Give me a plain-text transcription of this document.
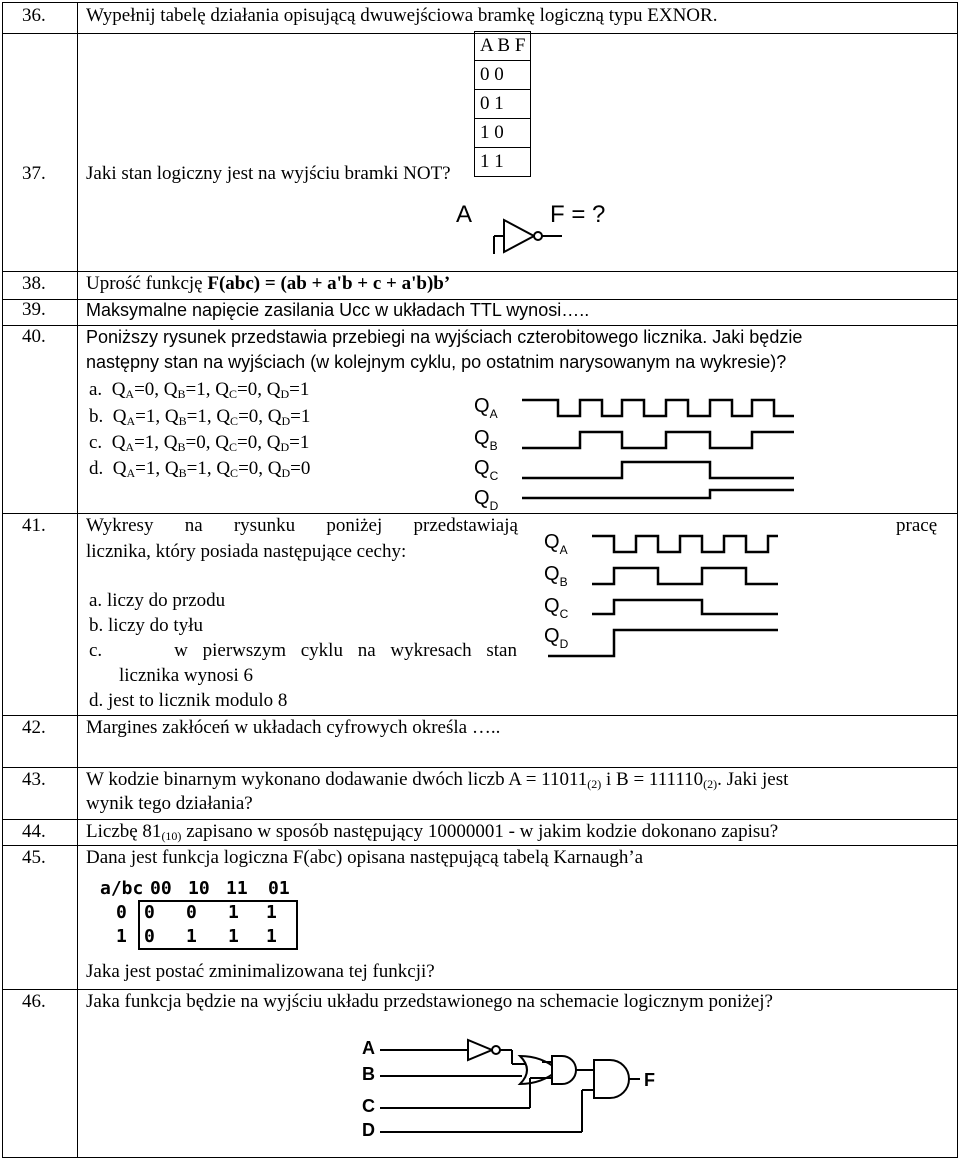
36. Wypełnij tabelę działania opisującą dwuwejściowa bramkę logiczną typu EXNOR.
A B F
0 0
0 1
1 0
1 1
37. Jaki stan logiczny jest na wyjściu bramki NOT?
A	F = ?
38. Uprość funkcję F(abc) = (ab + a'b + c + a'b)b’
39. Maksymalne napięcie zasilania Ucc w układach TTL wynosi…..
40. Poniższy rysunek przedstawia przebiegi na wyjściach czterobitowego licznika. Jaki będzie
następny stan na wyjściach (w kolejnym cyklu, po ostatnim narysowanym na wykresie)?
a. $Q_A=0$, $Q_B=1$, $Q_C=0$, $Q_D=1$
b. $Q_A=1$, $Q_B=1$, $Q_C=0$, $Q_D=1$
c. $Q_A=1$, $Q_B=0$, $Q_C=0$, $Q_D=1$
d. $Q_A=1$, $Q_B=1$, $Q_C=0$, $Q_D=0$
$Q_A$
$Q_B$
$Q_C$
$Q_D$
41. Wykresy na rysunku poniżej przedstawiają	pracę
licznika, który posiada następujące cechy:
a. liczy do przodu
b. liczy do tyłu
c.	w pierwszym cyklu na wykresach stan
licznika wynosi 6
d. jest to licznik modulo 8
$Q_A$
$Q_B$
$Q_C$
$Q_D$
42. Margines zakłóceń w układach cyfrowych określa …..
43. W kodzie binarnym wykonano dodawanie dwóch liczb $A = 11011_{(2)}$ i $B = 111110_{(2)}$. Jaki jest
wynik tego działania?
44. Liczbę $81_{(10)}$ zapisano w sposób następujący 10000001 - w jakim kodzie dokonano zapisu?
45. Dana jest funkcja logiczna F(abc) opisana następującą tabelą Karnaugh’a
a/bc 00 10 11 01
0 0 0 1 1
1 0 1 1 1
Jaka jest postać zminimalizowana tej funkcji?
46. Jaka funkcja będzie na wyjściu układu przedstawionego na schemacie logicznym poniżej?
A
B
C
D
F
